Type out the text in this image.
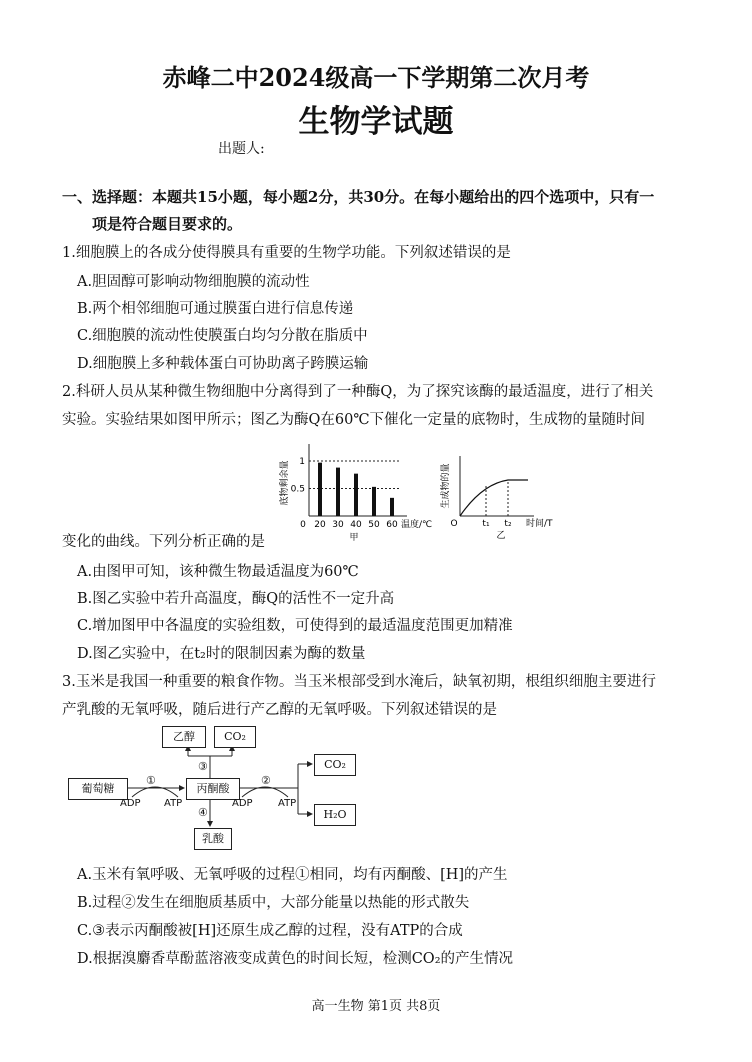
赤峰二中2024级高一下学期第二次月考
生物学试题
出题人:
一、选择题：本题共15小题，每小题2分，共30分。在每小题给出的四个选项中，只有一
项是符合题目要求的。
1.细胞膜上的各成分使得膜具有重要的生物学功能。下列叙述错误的是
A.胆固醇可影响动物细胞膜的流动性
B.两个相邻细胞可通过膜蛋白进行信息传递
C.细胞膜的流动性使膜蛋白均匀分散在脂质中
D.细胞膜上多种载体蛋白可协助离子跨膜运输
2.科研人员从某种微生物细胞中分离得到了一种酶Q，为了探究该酶的最适温度，进行了相关
实验。实验结果如图甲所示；图乙为酶Q在60℃下催化一定量的底物时，生成物的量随时间
变化的曲线。下列分析正确的是
1
0.5
20 30 40 50 60
0	温度/℃
甲
底物剩余量
O	t₁ t₂ 时间/T
乙
生成物的量
A.由图甲可知，该种微生物最适温度为60℃
B.图乙实验中若升高温度，酶Q的活性不一定升高
C.增加图甲中各温度的实验组数，可使得到的最适温度范围更加精准
D.图乙实验中，在t₂时的限制因素为酶的数量
3.玉米是我国一种重要的粮食作物。当玉米根部受到水淹后，缺氧初期，根组织细胞主要进行
产乳酸的无氧呼吸，随后进行产乙醇的无氧呼吸。下列叙述错误的是
葡萄糖	丙酮酸
乙醇	CO₂
CO₂
H₂O
乳酸
①	②
③
④
ADP ATP	ADP	ATP
A.玉米有氧呼吸、无氧呼吸的过程①相同，均有丙酮酸、[H]的产生
B.过程②发生在细胞质基质中，大部分能量以热能的形式散失
C.③表示丙酮酸被[H]还原生成乙醇的过程，没有ATP的合成
D.根据溴麝香草酚蓝溶液变成黄色的时间长短，检测CO₂的产生情况
高一生物 第1页 共8页
